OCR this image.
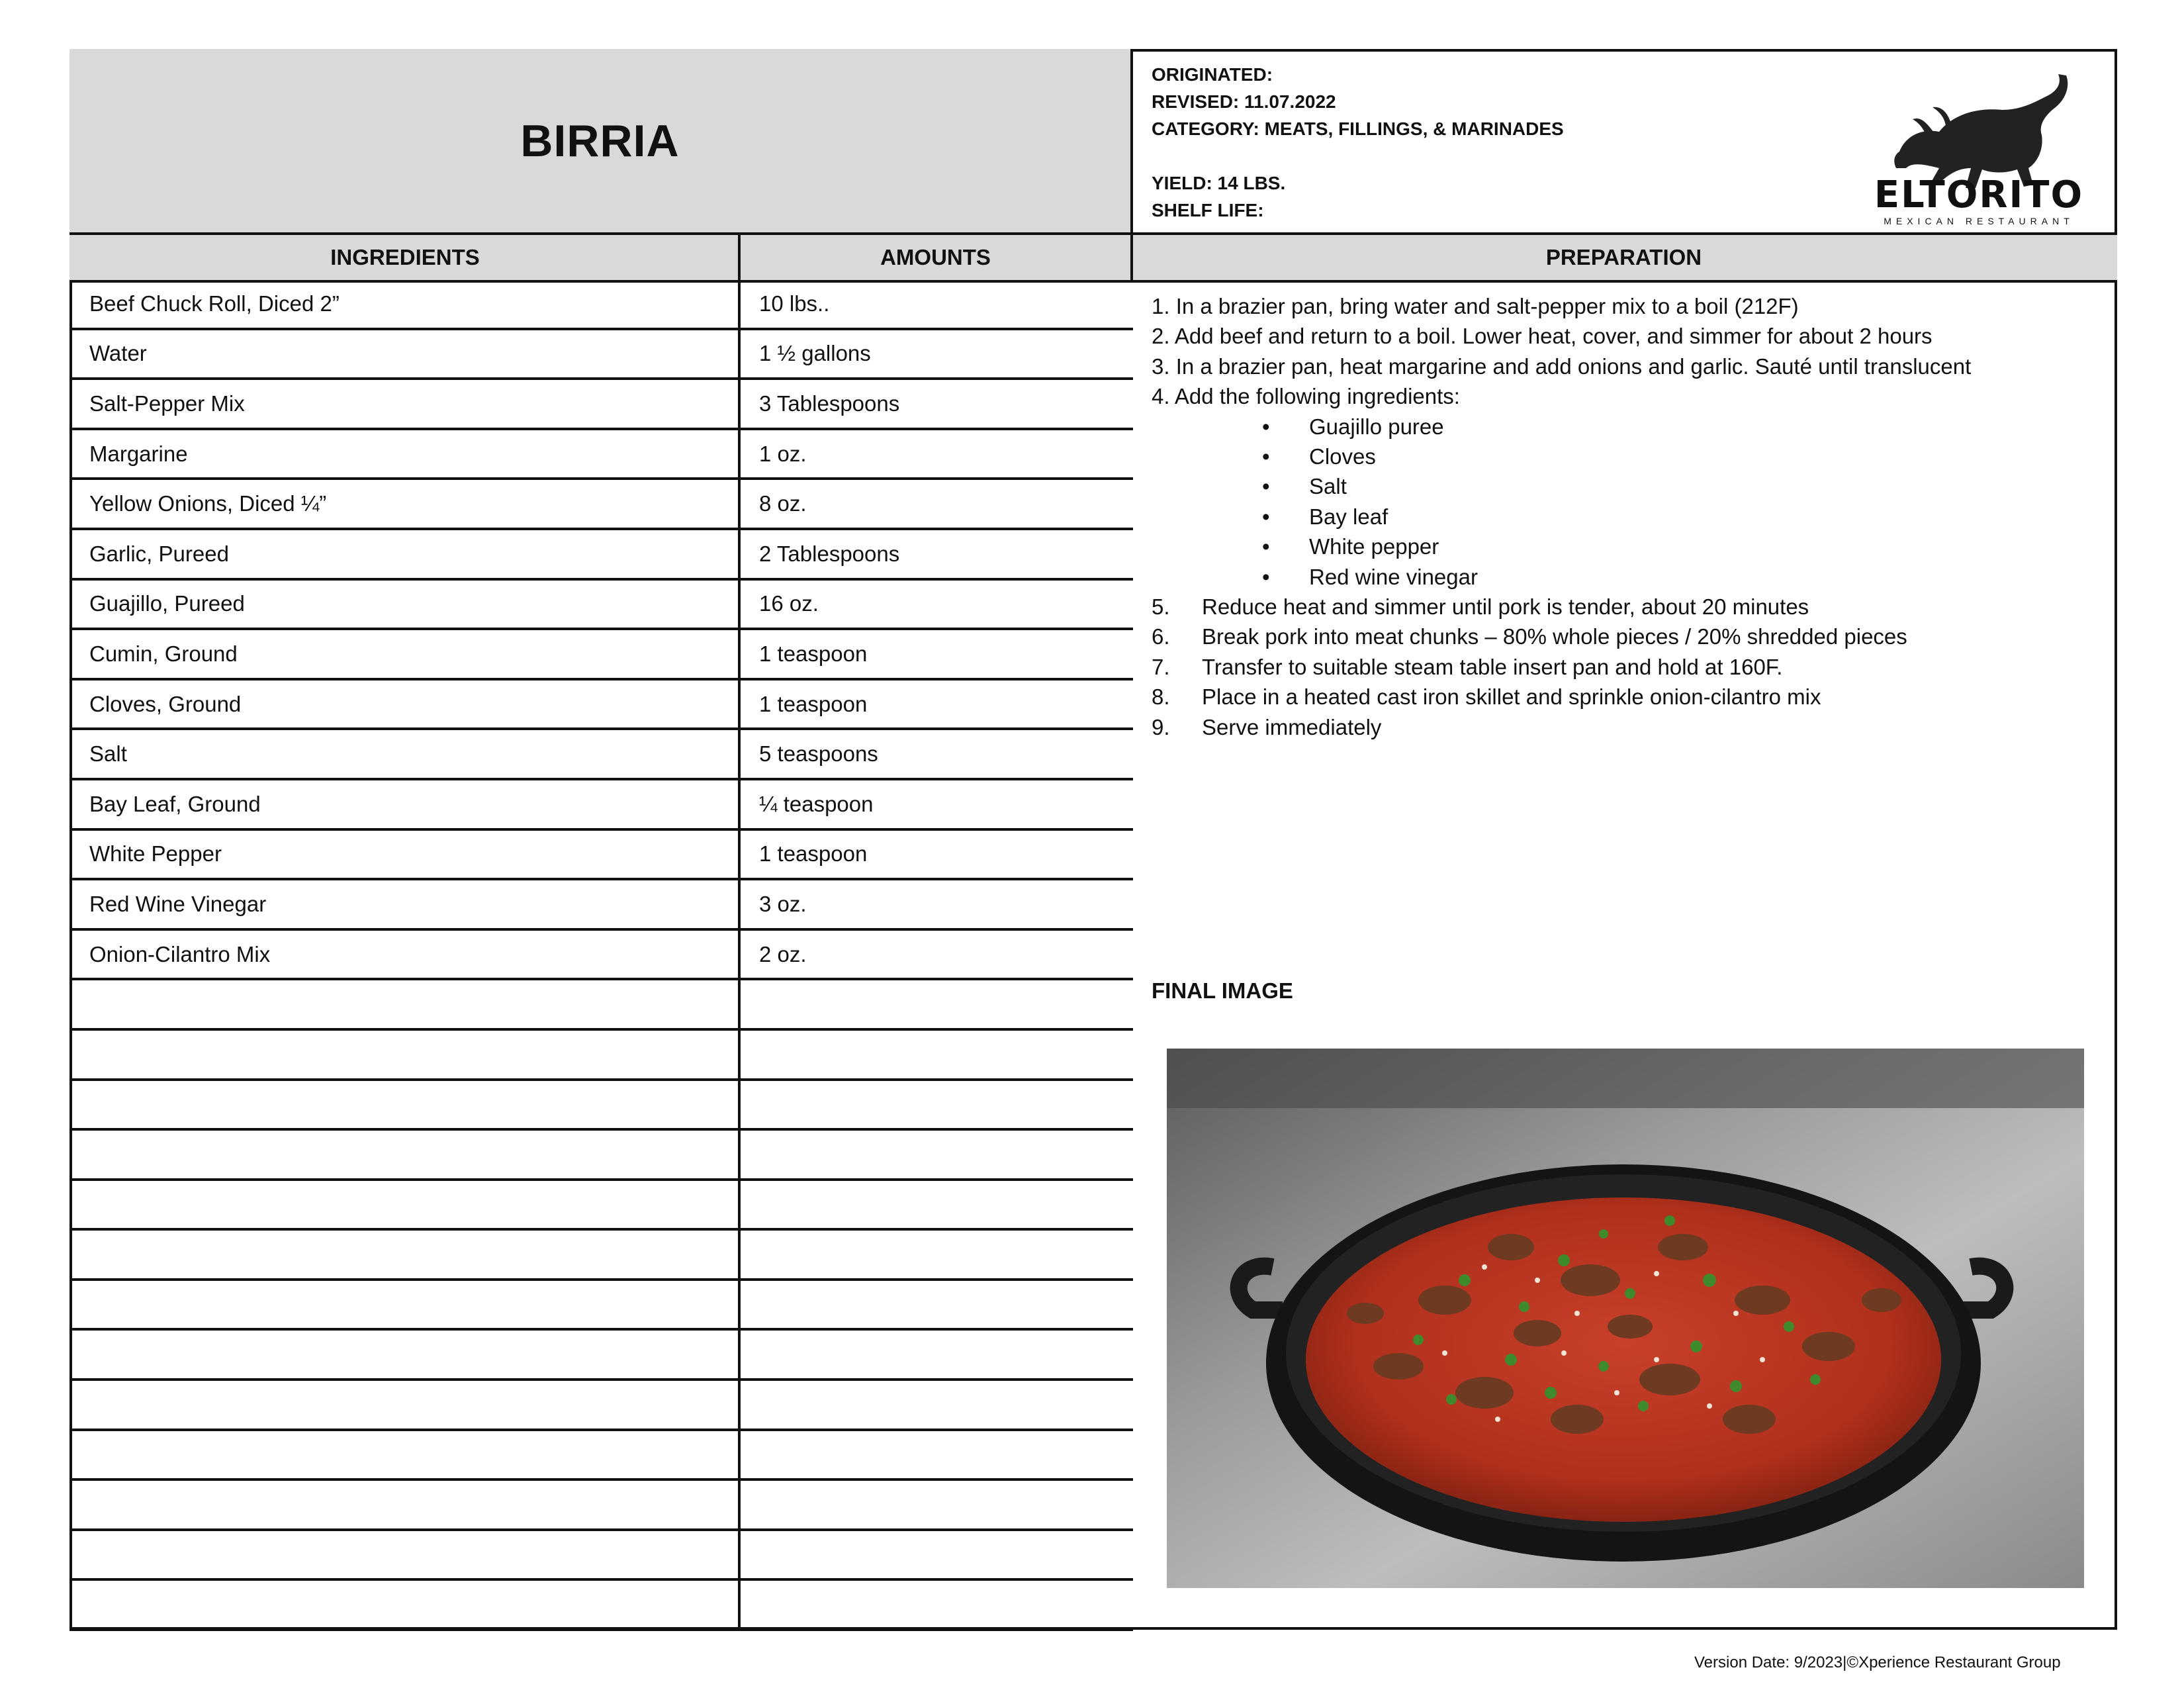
BIRRIA
ORIGINATED:
REVISED: 11.07.2022
CATEGORY: MEATS, FILLINGS, & MARINADES
YIELD: 14 LBS.
SHELF LIFE:	ELTORITO
MEXICAN RESTAURANT
INGREDIENTS	AMOUNTS	PREPARATION
Beef Chuck Roll, Diced 2”	10 lbs..
Water	1 ½ gallons
Salt-Pepper Mix	3 Tablespoons
Margarine	1 oz.
Yellow Onions, Diced ¼”	8 oz.
Garlic, Pureed	2 Tablespoons
Guajillo, Pureed	16 oz.
Cumin, Ground	1 teaspoon
Cloves, Ground	1 teaspoon
Salt	5 teaspoons
Bay Leaf, Ground	¼ teaspoon
White Pepper	1 teaspoon
Red Wine Vinegar	3 oz.
Onion-Cilantro Mix	2 oz.
1. In a brazier pan, bring water and salt-pepper mix to a boil (212F)
2. Add beef and return to a boil. Lower heat, cover, and simmer for about 2 hours
3. In a brazier pan, heat margarine and add onions and garlic. Sauté until translucent
4. Add the following ingredients:
• Guajillo puree
• Cloves
• Salt
• Bay leaf
• White pepper
• Red wine vinegar
5.	Reduce heat and simmer until pork is tender, about 20 minutes
6.	Break pork into meat chunks – 80% whole pieces / 20% shredded pieces
7.	Transfer to suitable steam table insert pan and hold at 160F.
8.	Place in a heated cast iron skillet and sprinkle onion-cilantro mix
9.	Serve immediately
FINAL IMAGE
Version Date: 9/2023|©Xperience Restaurant Group
